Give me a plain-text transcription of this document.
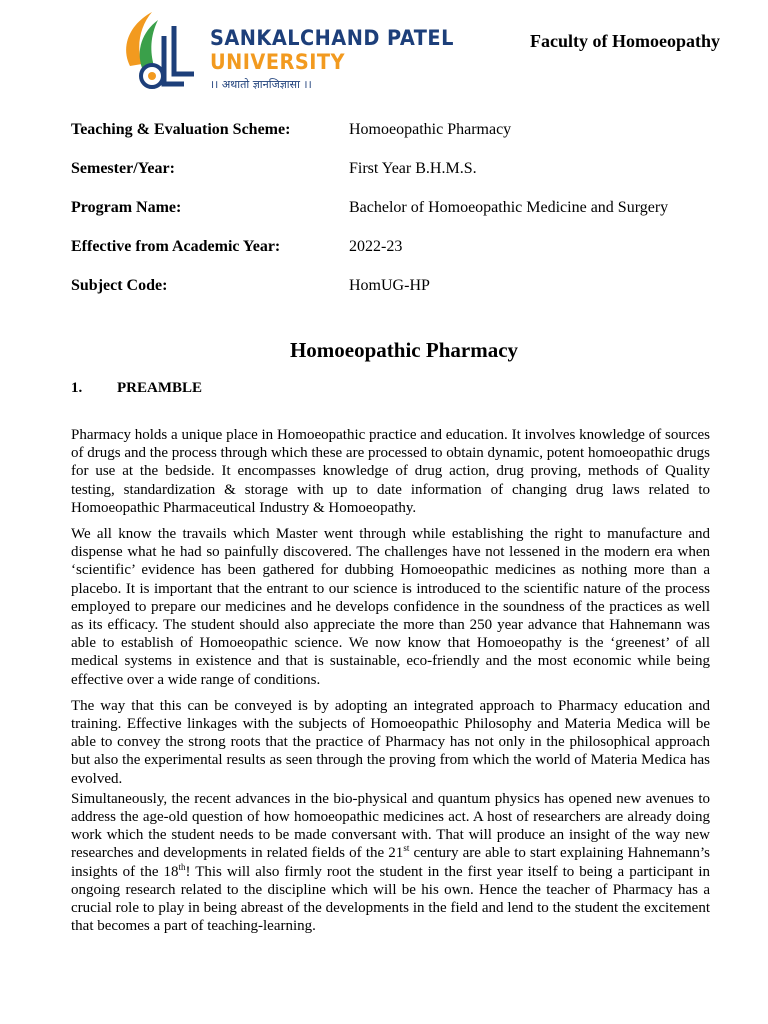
SANKALCHAND PATEL
UNIVERSITY
।। अथातो ज्ञानजिज्ञासा ।।
Faculty of Homoeopathy
Teaching & Evaluation Scheme:	Homoeopathic Pharmacy
Semester/Year:	First Year B.H.M.S.
Program Name:	Bachelor of Homoeopathic Medicine and Surgery
Effective from Academic Year:	2022-23
Subject Code:	HomUG-HP
Homoeopathic Pharmacy
1. PREAMBLE

Pharmacy holds a unique place in Homoeopathic practice and education. It involves knowledge of sources of drugs and the process through which these are processed to obtain dynamic, potent homoeopathic drugs for use at the bedside. It encompasses knowledge of drug action, drug proving, methods of Quality testing, standardization & storage with up to date information of changing drug laws related to Homoeopathic Pharmaceutical Industry & Homoeopathy.

We all know the travails which Master went through while establishing the right to manufacture and dispense what he had so painfully discovered. The challenges have not lessened in the modern era when ‘scientific’ evidence has been gathered for dubbing Homoeopathic medicines as nothing more than a placebo. It is important that the entrant to our science is introduced to the scientific nature of the process employed to prepare our medicines and he develops confidence in the soundness of the practices as well as its efficacy. The student should also appreciate the more than 250 year advance that Hahnemann was able to establish of Homoeopathic science. We now know that Homoeopathy is the ‘greenest’ of all medical systems in existence and that is sustainable, eco-friendly and the most economic while being effective over a wide range of conditions.

The way that this can be conveyed is by adopting an integrated approach to Pharmacy education and training. Effective linkages with the subjects of Homoeopathic Philosophy and Materia Medica will be able to convey the strong roots that the practice of Pharmacy has not only in the philosophical approach but also the experimental results as seen through the proving from which the world of Materia Medica has evolved.

Simultaneously, the recent advances in the bio-physical and quantum physics has opened new avenues to address the age-old question of how homoeopathic medicines act. A host of researchers are already doing work which the student needs to be made conversant with. That will produce an insight of the way new researches and developments in related fields of the 21st century are able to start explaining Hahnemann’s insights of the 18th! This will also firmly root the student in the first year itself to being a participant in ongoing research related to the discipline which will be his own. Hence the teacher of Pharmacy has a crucial role to play in being abreast of the developments in the field and lend to the student the excitement that becomes a part of teaching-learning.
